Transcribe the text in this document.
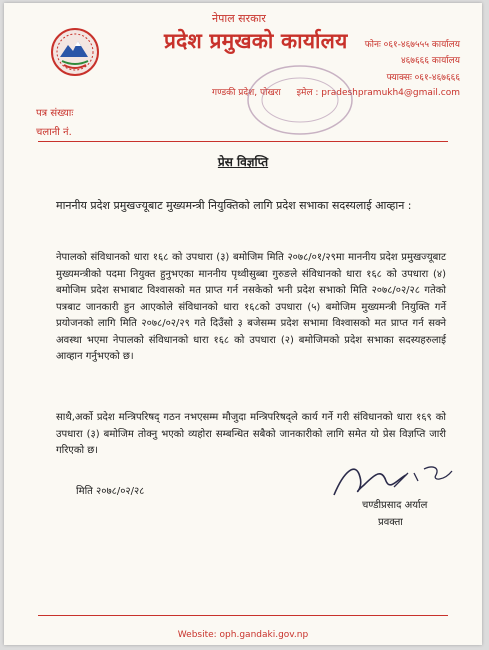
नेपाल सरकार
प्रदेश प्रमुखको कार्यालय
गण्डकी प्रदेश, पोखरा
फोनः ०६१-४६७५५५ कार्यालय
४६७६६६ कार्यालय
फ्याक्सः ०६१-४६७६६६
इमेल : pradeshpramukh4@gmail.com
पत्र संख्याः
चलानी नं.
प्रेस विज्ञप्ति
माननीय प्रदेश प्रमुखज्यूबाट मुख्यमन्त्री नियुक्तिको लागि प्रदेश सभाका सदस्यलाई आव्हान :

नेपालको संविधानको धारा १६८ को उपधारा (३) बमोजिम मिति २०७८/०१/२९मा माननीय प्रदेश प्रमुखज्यूबाट मुख्यमन्त्रीको पदमा नियुक्त हुनुभएका माननीय पृथ्वीसुब्बा गुरुङले संविधानको धारा १६८ को उपधारा (४) बमोजिम प्रदेश सभाबाट विश्वासको मत प्राप्त गर्न नसकेको भनी प्रदेश सभाको मिति २०७८/०२/२८ गतेको पत्रबाट जानकारी हुन आएकोले संविधानको धारा १६८को उपधारा (५) बमोजिम मुख्यमन्त्री नियुक्ति गर्ने प्रयोजनको लागि मिति २०७८/०२/२९ गते दिउँसो ३ बजेसम्म प्रदेश सभामा विश्वासको मत प्राप्त गर्न सक्ने अवस्था भएमा नेपालको संविधानको धारा १६८ को उपधारा (२) बमोजिमको प्रदेश सभाका सदस्यहरुलाई आव्हान गर्नुभएको छ।

साथै,अर्को प्रदेश मन्त्रिपरिषद् गठन नभएसम्म मौजुदा मन्त्रिपरिषद्ले कार्य गर्ने गरी संविधानको धारा १६९ को उपधारा (३) बमोजिम तोक्नु भएको व्यहोरा सम्बन्धित सबैको जानकारीको लागि समेत यो प्रेस विज्ञप्ति जारी गरिएको छ।

मिति २०७८/०२/२८
चण्डीप्रसाद अर्याल
प्रवक्ता
Website: oph.gandaki.gov.np
